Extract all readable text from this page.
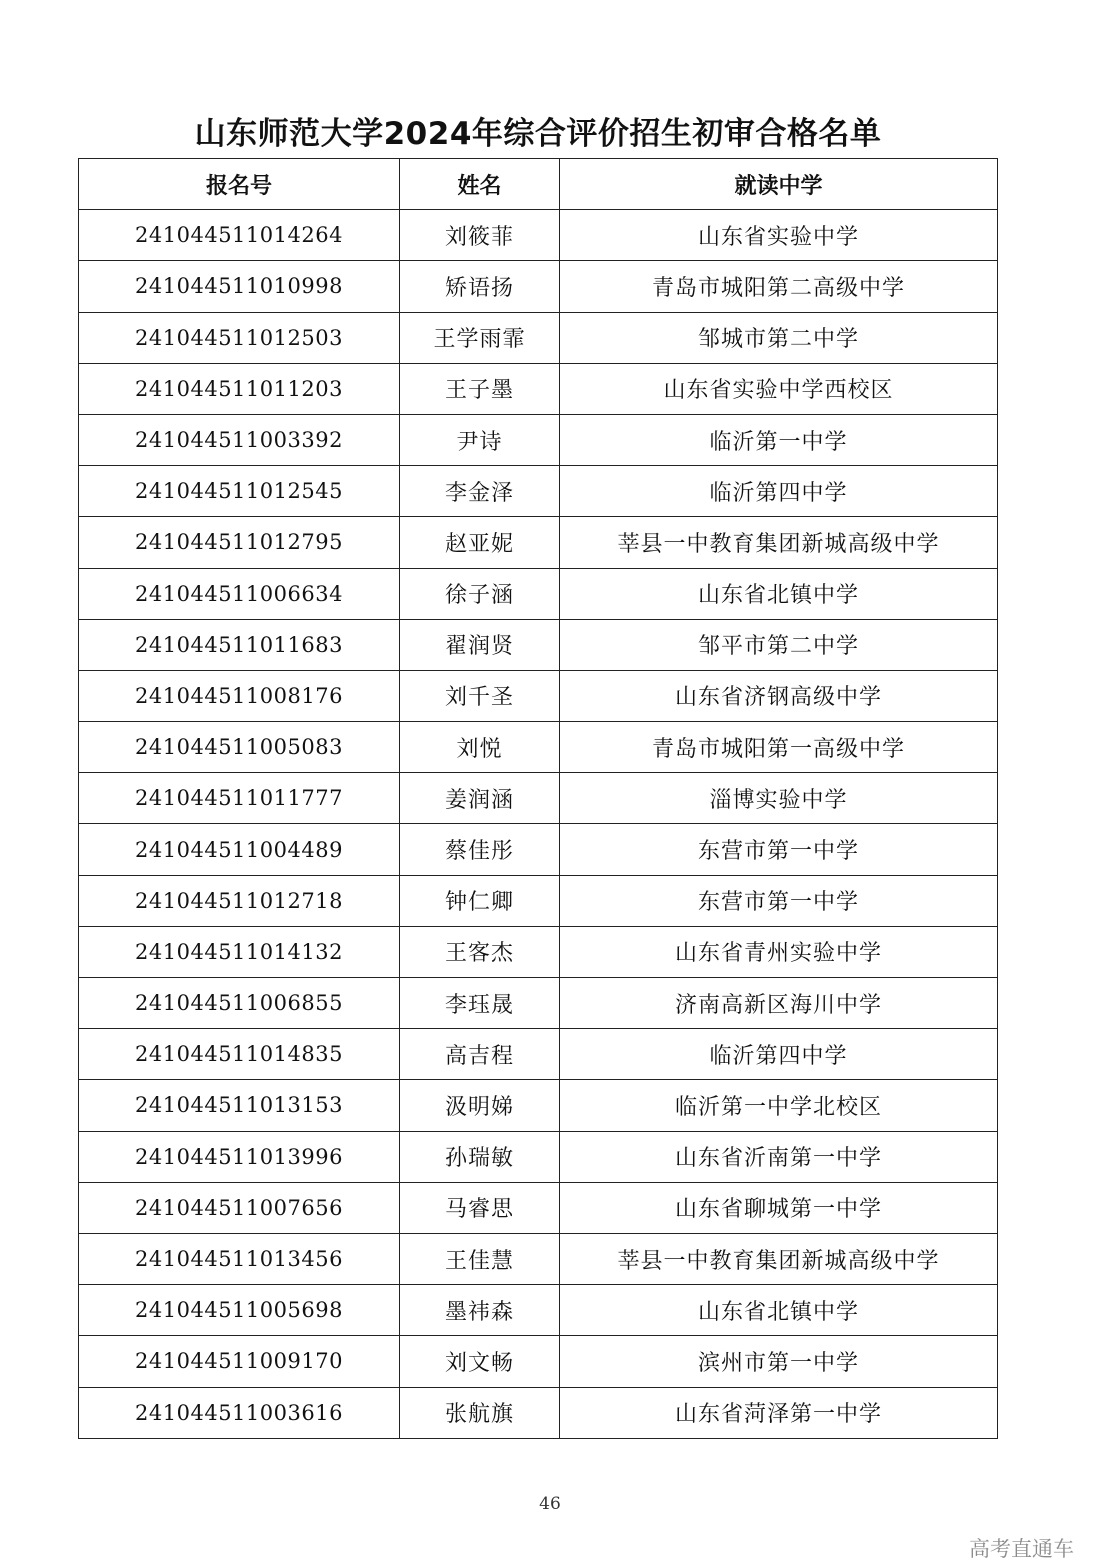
山东师范大学2024年综合评价招生初审合格名单
报名号	姓名	就读中学
241044511014264	刘筱菲	山东省实验中学
241044511010998	矫语扬	青岛市城阳第二高级中学
241044511012503	王学雨霏	邹城市第二中学
241044511011203	王子墨	山东省实验中学西校区
241044511003392	尹诗	临沂第一中学
241044511012545	李金泽	临沂第四中学
241044511012795	赵亚妮	莘县一中教育集团新城高级中学
241044511006634	徐子涵	山东省北镇中学
241044511011683	翟润贤	邹平市第二中学
241044511008176	刘千圣	山东省济钢高级中学
241044511005083	刘悦	青岛市城阳第一高级中学
241044511011777	姜润涵	淄博实验中学
241044511004489	蔡佳彤	东营市第一中学
241044511012718	钟仁卿	东营市第一中学
241044511014132	王客杰	山东省青州实验中学
241044511006855	李珏晟	济南高新区海川中学
241044511014835	高吉程	临沂第四中学
241044511013153	汲明娣	临沂第一中学北校区
241044511013996	孙瑞敏	山东省沂南第一中学
241044511007656	马睿思	山东省聊城第一中学
241044511013456	王佳慧	莘县一中教育集团新城高级中学
241044511005698	墨祎森	山东省北镇中学
241044511009170	刘文畅	滨州市第一中学
241044511003616	张航旗	山东省菏泽第一中学
46
高考直通车
